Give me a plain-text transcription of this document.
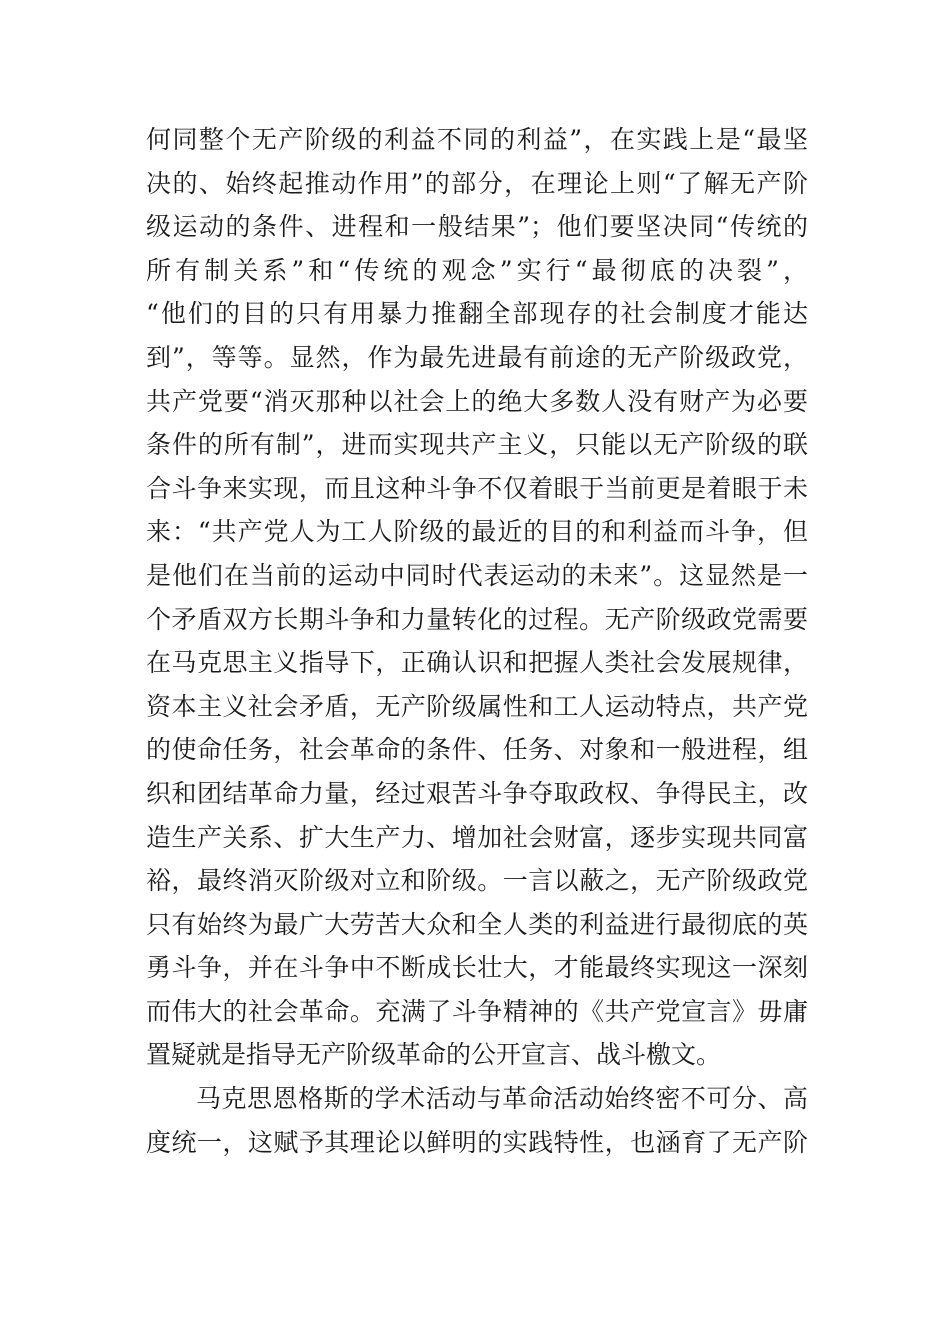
何同整个无产阶级的利益不同的利益”，在实践上是“最坚
决的、始终起推动作用”的部分，在理论上则“了解无产阶
级运动的条件、进程和一般结果”；他们要坚决同“传统的
所有制关系”和“传统的观念”实行“最彻底的决裂”，
“他们的目的只有用暴力推翻全部现存的社会制度才能达
到”，等等。显然，作为最先进最有前途的无产阶级政党，
共产党要“消灭那种以社会上的绝大多数人没有财产为必要
条件的所有制”，进而实现共产主义，只能以无产阶级的联
合斗争来实现，而且这种斗争不仅着眼于当前更是着眼于未
来：“共产党人为工人阶级的最近的目的和利益而斗争，但
是他们在当前的运动中同时代表运动的未来”。这显然是一
个矛盾双方长期斗争和力量转化的过程。无产阶级政党需要
在马克思主义指导下，正确认识和把握人类社会发展规律，
资本主义社会矛盾，无产阶级属性和工人运动特点，共产党
的使命任务，社会革命的条件、任务、对象和一般进程，组
织和团结革命力量，经过艰苦斗争夺取政权、争得民主，改
造生产关系、扩大生产力、增加社会财富，逐步实现共同富
裕，最终消灭阶级对立和阶级。一言以蔽之，无产阶级政党
只有始终为最广大劳苦大众和全人类的利益进行最彻底的英
勇斗争，并在斗争中不断成长壮大，才能最终实现这一深刻
而伟大的社会革命。充满了斗争精神的《共产党宣言》毋庸
置疑就是指导无产阶级革命的公开宣言、战斗檄文。
马克思恩格斯的学术活动与革命活动始终密不可分、高
度统一，这赋予其理论以鲜明的实践特性，也涵育了无产阶
